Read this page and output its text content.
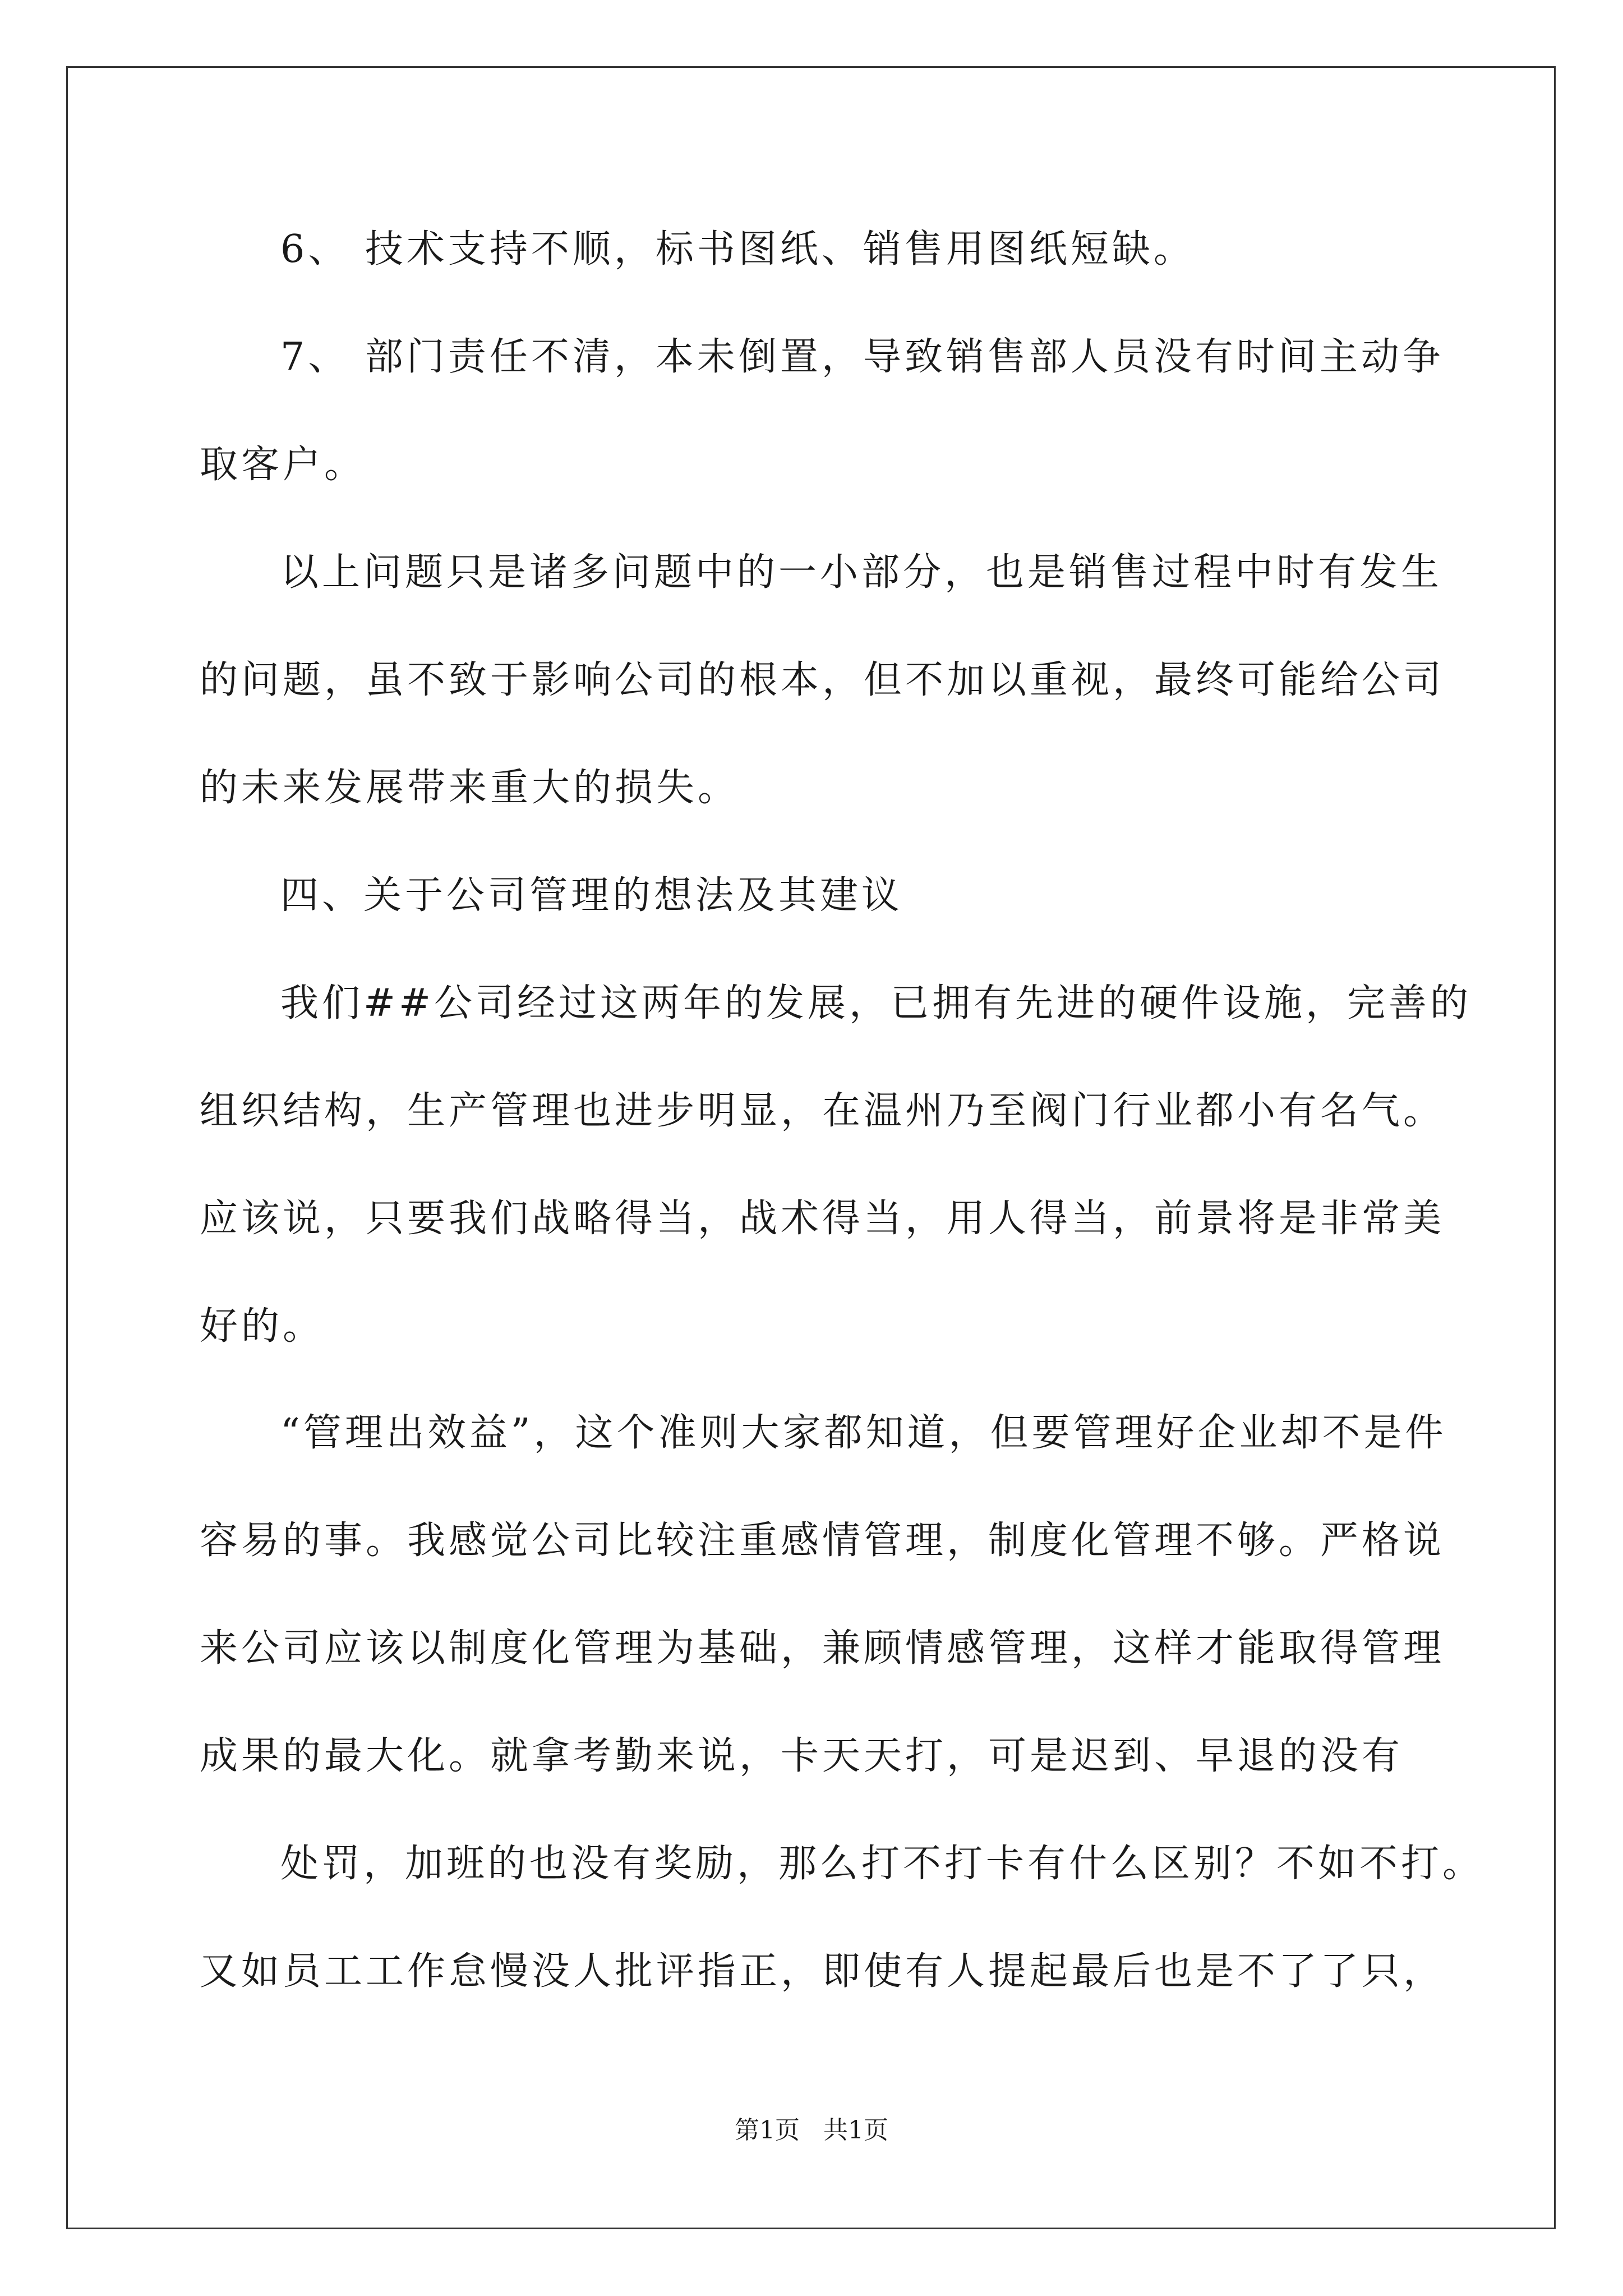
6、 技术支持不顺，标书图纸、销售用图纸短缺。
7、 部门责任不清，本未倒置，导致销售部人员没有时间主动争
取客户。
以上问题只是诸多问题中的一小部分，也是销售过程中时有发生
的问题，虽不致于影响公司的根本，但不加以重视，最终可能给公司
的未来发展带来重大的损失。
四、关于公司管理的想法及其建议
我们##公司经过这两年的发展，已拥有先进的硬件设施，完善的
组织结构，生产管理也进步明显，在温州乃至阀门行业都小有名气。
应该说，只要我们战略得当，战术得当，用人得当，前景将是非常美
好的。
“管理出效益”，这个准则大家都知道，但要管理好企业却不是件
容易的事。我感觉公司比较注重感情管理，制度化管理不够。严格说
来公司应该以制度化管理为基础，兼顾情感管理，这样才能取得管理
成果的最大化。就拿考勤来说，卡天天打，可是迟到、早退的没有
处罚，加班的也没有奖励，那么打不打卡有什么区别？不如不打。
又如员工工作怠慢没人批评指正，即使有人提起最后也是不了了只，
第1页 共1页
